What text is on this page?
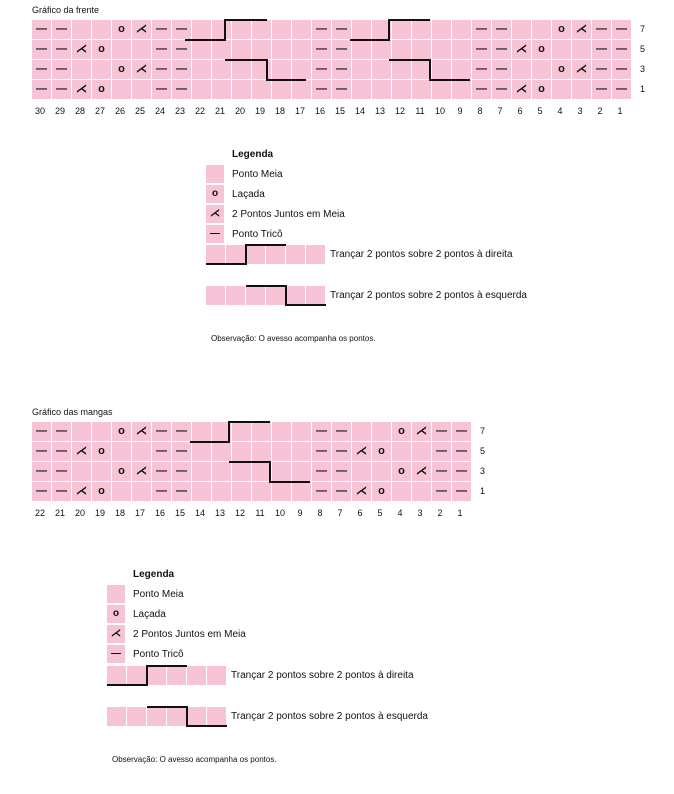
Gráfico da frente
—	—			o	⋌	—	—							—	—							—	—			o	⋌	—	—
—	—	⋌	o			—	—							—	—							—	—	⋌	o			—	—
—	—			o	⋌	—	—							—	—							—	—			o	⋌	—	—
—	—	⋌	o			—	—							—	—							—	—	⋌	o			—	—
7
5
3
1
30	29	28	27	26	25	24	23	22	21	20	19	18	17	16	15	14	13	12	11	10	9	8	7	6	5	4	3	2	1
Legenda
Ponto Meia
o	Laçada
⋌	2 Pontos Juntos em Meia
—	Ponto Tricô
Trançar 2 pontos sobre 2 pontos à direita
Trançar 2 pontos sobre 2 pontos à esquerda
Observação: O avesso acompanha os pontos.
Gráfico das mangas
—	—			o	⋌	—	—							—	—			o	⋌	—	—
—	—	⋌	o			—	—							—	—	⋌	o			—	—
—	—			o	⋌	—	—							—	—			o	⋌	—	—
—	—	⋌	o			—	—							—	—	⋌	o			—	—
7
5
3
1
22	21	20	19	18	17	16	15	14	13	12	11	10	9	8	7	6	5	4	3	2	1
Legenda
Ponto Meia
o	Laçada
⋌	2 Pontos Juntos em Meia
—	Ponto Tricô
Trançar 2 pontos sobre 2 pontos à direita
Trançar 2 pontos sobre 2 pontos à esquerda
Observação: O avesso acompanha os pontos.
